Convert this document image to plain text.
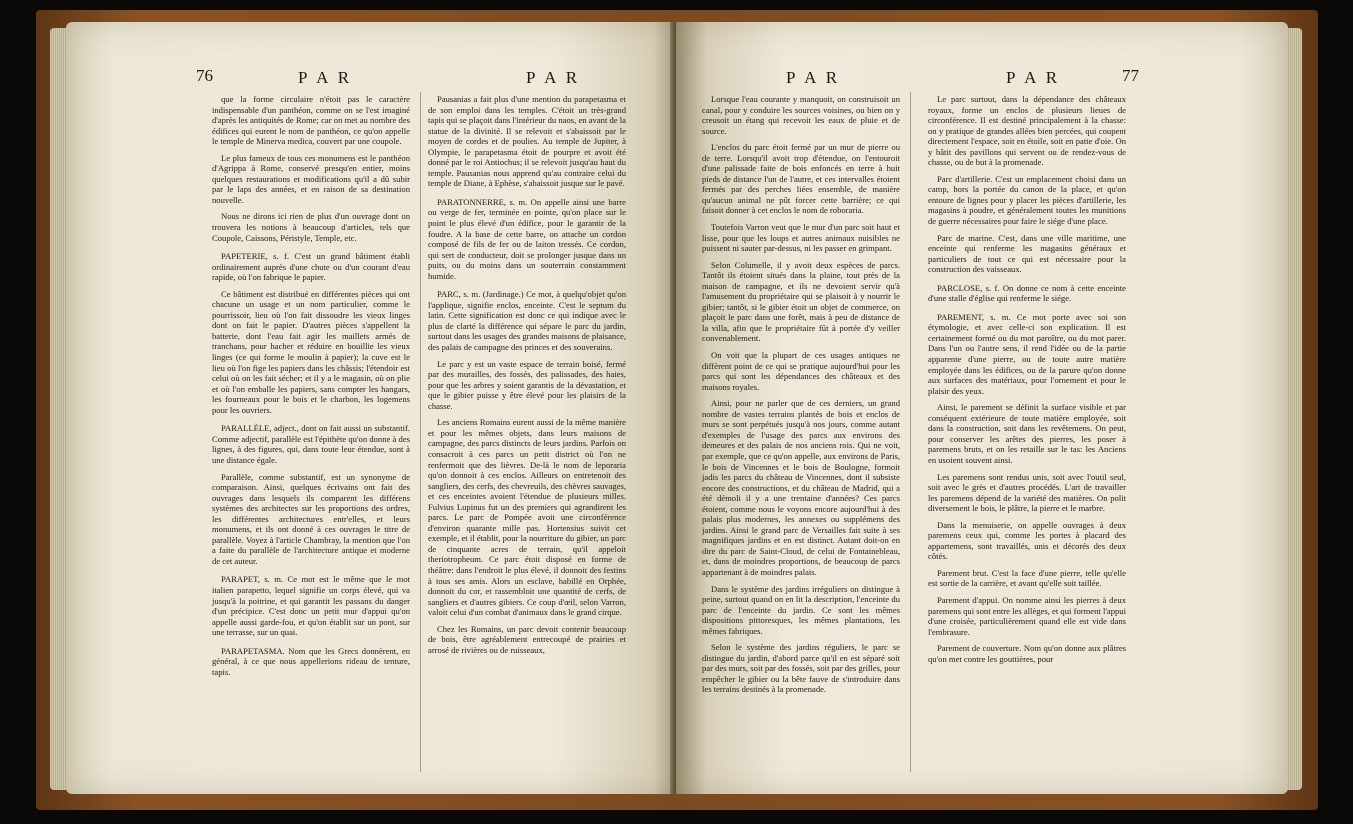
76	P A R	P A R

que la forme circulaire n'étoit pas le caractère indispensable d'un panthéon, comme on se l'est imaginé d'après les antiquités de Rome; car on met au nombre des édifices qui eurent le nom de panthéon, ce qu'on appelle le temple de Minerva medica, couvert par une coupole.

Le plus fameux de tous ces monumens est le panthéon d'Agrippa à Rome, conservé presqu'en entier, moins quelques restaurations et modifications qu'il a dû subir par le laps des années, et en raison de sa destination nouvelle.

Nous ne dirons ici rien de plus d'un ouvrage dont on trouvera les notions à beaucoup d'articles, tels que Coupole, Caissons, Péristyle, Temple, etc.

PAPETERIE, s. f. C'est un grand bâtiment établi ordinairement auprès d'une chute ou d'un courant d'eau rapide, où l'on fabrique le papier.

Ce bâtiment est distribué en différentes pièces qui ont chacune un usage et un nom particulier, comme le pourrissoir, lieu où l'on fait dissoudre les vieux linges dont on fait le papier. D'autres pièces s'appellent la batterie, dont l'eau fait agir les maillets armés de tranchans, pour hacher et réduire en bouillie les vieux linges (ce qui forme le moulin à papier); la cuve est le lieu où l'on fige les papiers dans les châssis; l'étendoir est celui où on les fait sécher; et il y a le magasin, où on plie et où l'on emballe les papiers, sans compter les hangars, les fourneaux pour le bois et le charbon, les logemens pour les ouvriers.

PARALLÈLE, adject., dont on fait aussi un substantif. Comme adjectif, parallèle est l'épithète qu'on donne à des lignes, à des figures, qui, dans toute leur étendue, sont à une distance égale.

Parallèle, comme substantif, est un synonyme de comparaison. Ainsi, quelques écrivains ont fait des ouvrages dans lesquels ils comparent les différens systèmes des architectes sur les proportions des ordres, les différentes architectures entr'elles, et leurs monumens, et ils ont donné à ces ouvrages le titre de parallèle. Voyez à l'article Chambray, la mention que l'on a faite du parallèle de l'architecture antique et moderne de cet auteur.

PARAPET, s. m. Ce mot est le même que le mot italien parapetto, lequel signifie un corps élevé, qui va jusqu'à la poitrine, et qui garantit les passans du danger d'un précipice. C'est donc un petit mur d'appui qu'on appelle aussi garde-fou, et qu'on établit sur un pont, sur une terrasse, sur un quai.

PARAPETASMA. Nom que les Grecs donnèrent, en général, à ce que nous appellerions rideau de tenture, tapis.

Pausanias a fait plus d'une mention du parapetasma et de son emploi dans les temples. C'étoit un très-grand tapis qui se plaçoit dans l'intérieur du naos, en avant de la statue de la divinité. Il se relevoit et s'abaissoit par le moyen de cordes et de poulies. Au temple de Jupiter, à Olympie, le parapetasma étoit de pourpre et avoit été donné par le roi Antiochus; il se relevoit jusqu'au haut du temple. Pausanias nous apprend qu'au contraire celui du temple de Diane, à Ephèse, s'abaissoit jusque sur le pavé.

PARATONNERRE, s. m. On appelle ainsi une barre ou verge de fer, terminée en pointe, qu'on place sur le point le plus élevé d'un édifice, pour le garantir de la foudre. A la base de cette barre, on attache un cordon composé de fils de fer ou de laiton tressés. Ce cordon, qui sert de conducteur, doit se prolonger jusque dans un puits, ou du moins dans un souterrain constamment humide.

PARC, s. m. (Jardinage.) Ce mot, à quelqu'objet qu'on l'applique, signifie enclos, enceinte. C'est le septum du latin. Cette signification est donc ce qui indique avec le plus de clarté la différence qui sépare le parc du jardin, surtout dans les usages des grandes maisons de plaisance, des palais de campagne des princes et des souverains.

Le parc y est un vaste espace de terrain boisé, fermé par des murailles, des fossés, des palissades, des haies, pour que les arbres y soient garantis de la dévastation, et que le gibier puisse y être élevé pour les plaisirs de la chasse.

Les anciens Romains eurent aussi de la même manière et pour les mêmes objets, dans leurs maisons de campagne, des parcs distincts de leurs jardins. Parfois on consacroit à ces parcs un petit district où l'on ne renfermoit que des lièvres. De-là le nom de leporaria qu'on donnoit à ces enclos. Ailleurs on entretenoit des sangliers, des cerfs, des chevreuils, des chèvres sauvages, et ces enceintes avoient l'étendue de plusieurs milles. Fulvius Lupinus fut un des premiers qui agrandirent les parcs. Le parc de Pompée avoit une circonférence d'environ quarante mille pas. Hortensius suivit cet exemple, et il établit, pour la nourriture du gibier, un parc de cinquante acres de terrain, qu'il appeloit theriotropheum. Ce parc étoit disposé en forme de théâtre: dans l'endroit le plus élevé, il donnoit des festins à tous ses amis. Alors un esclave, habillé en Orphée, donnoit du cor, et rassembloit une quantité de cerfs, de sangliers et d'autres gibiers. Ce coup d'œil, selon Varron, valoit celui d'un combat d'animaux dans le grand cirque.

Chez les Romains, un parc devoit contenir beaucoup de bois, être agréablement entrecoupé de prairies et arrosé de rivières ou de ruisseaux,

P A R	P A R	77

Lorsque l'eau courante y manquoit, on construisoit un canal, pour y conduire les sources voisines, ou bien on y creusoit un étang qui recevoit les eaux de pluie et de source.

L'enclos du parc étoit fermé par un mur de pierre ou de terre. Lorsqu'il avoit trop d'étendue, on l'entouroit d'une palissade faite de bois enfoncés en terre à huit pieds de distance l'un de l'autre, et ces intervalles étoient fermés par des perches liées ensemble, de manière qu'aucun animal ne pût forcer cette barrière; ce qui faisoit donner à cet enclos le nom de roboraria.

Toutefois Varron veut que le mur d'un parc soit haut et lisse, pour que les loups et autres animaux nuisibles ne puissent ni sauter par-dessus, ni les passer en grimpant.

Selon Columelle, il y avoit deux espèces de parcs. Tantôt ils étoient situés dans la plaine, tout près de la maison de campagne, et ils ne devoient servir qu'à l'amusement du propriétaire qui se plaisoit à y nourrir le gibier; tantôt, si le gibier étoit un objet de commerce, on plaçoit le parc dans une forêt, mais à peu de distance de la villa, afin que le propriétaire fût à portée d'y veiller convenablement.

On voit que la plupart de ces usages antiques ne diffèrent point de ce qui se pratique aujourd'hui pour les parcs qui sont les dépendances des châteaux et des maisons royales.

Ainsi, pour ne parler que de ces derniers, un grand nombre de vastes terrains plantés de bois et enclos de murs se sont perpétués jusqu'à nos jours, comme autant d'exemples de l'usage des parcs aux environs des demeures et des palais de nos anciens rois. Qui ne voit, par exemple, que ce qu'on appelle, aux environs de Paris, le bois de Vincennes et le bois de Boulogne, formoit jadis les parcs du château de Vincennes, dont il subsiste encore des constructions, et du château de Madrid, qui a été démoli il y a une trentaine d'années? Ces parcs étoient, comme nous le voyons encore aujourd'hui à des palais plus modernes, les annexes ou supplémens des jardins. Ainsi le grand parc de Versailles fait suite à ses magnifiques jardins et en est distinct. Autant doit-on en dire du parc de Saint-Cloud, de celui de Fontainebleau, et, dans de moindres proportions, de beaucoup de parcs appartenant à de moindres palais.

Dans le système des jardins irréguliers on distingue à peine, surtout quand on en lit la description, l'enceinte du parc de l'enceinte du jardin. Ce sont les mêmes dispositions pittoresques, les mêmes plantations, les mêmes fabriques.

Selon le système des jardins réguliers, le parc se distingue du jardin, d'abord parce qu'il en est séparé soit par des murs, soit par des fossés, soit par des grilles, pour empêcher le gibier ou la bête fauve de s'introduire dans les terrains destinés à la promenade.

Le parc surtout, dans la dépendance des châteaux royaux, forme un enclos de plusieurs lieues de circonférence. Il est destiné principalement à la chasse: on y pratique de grandes allées bien percées, qui coupent directement l'espace, soit en étoile, soit en patte d'oie. On y bâtit des pavillons qui servent ou de rendez-vous de chasse, ou de but à la promenade.

Parc d'artillerie. C'est un emplacement choisi dans un camp, hors la portée du canon de la place, et qu'on entoure de lignes pour y placer les pièces d'artillerie, les magasins à poudre, et généralement toutes les munitions de guerre nécessaires pour faire le siége d'une place.

Parc de marine. C'est, dans une ville maritime, une enceinte qui renferme les magasins généraux et particuliers de tout ce qui est nécessaire pour la construction des vaisseaux.

PARCLOSE, s. f. On donne ce nom à cette enceinte d'une stalle d'église qui renferme le siége.

PAREMENT, s. m. Ce mot porte avec soi son étymologie, et avec celle-ci son explication. Il est certainement formé ou du mot paroître, ou du mot parer. Dans l'un ou l'autre sens, il rend l'idée ou de la partie apparente d'une pierre, ou de toute autre matière employée dans les édifices, ou de la parure qu'on donne aux surfaces des matériaux, pour l'ornement et pour le plaisir des yeux.

Ainsi, le parement se définit la surface visible et par conséquent extérieure de toute matière employée, soit dans la construction, soit dans les revêtemens. On peut, pour conserver les arêtes des pierres, les poser à paremens bruts, et on les retaille sur le tas: les Anciens en usoient souvent ainsi.

Les paremens sont rendus unis, soit avec l'outil seul, soit avec le grès et d'autres procédés. L'art de travailler les paremens dépend de la variété des matières. On polit diversement le bois, le plâtre, la pierre et le marbre.

Dans la menuiserie, on appelle ouvrages à deux paremens ceux qui, comme les portes à placard des appartemens, sont travaillés, unis et décorés des deux côtés.

Parement brut. C'est la face d'une pierre, telle qu'elle est sortie de la carrière, et avant qu'elle soit taillée.

Parement d'appui. On nomme ainsi les pierres à deux paremens qui sont entre les allèges, et qui forment l'appui d'une croisée, particulièrement quand elle est vide dans l'embrasure.

Parement de couverture. Nom qu'on donne aux plâtres qu'on met contre les gouttières, pour
